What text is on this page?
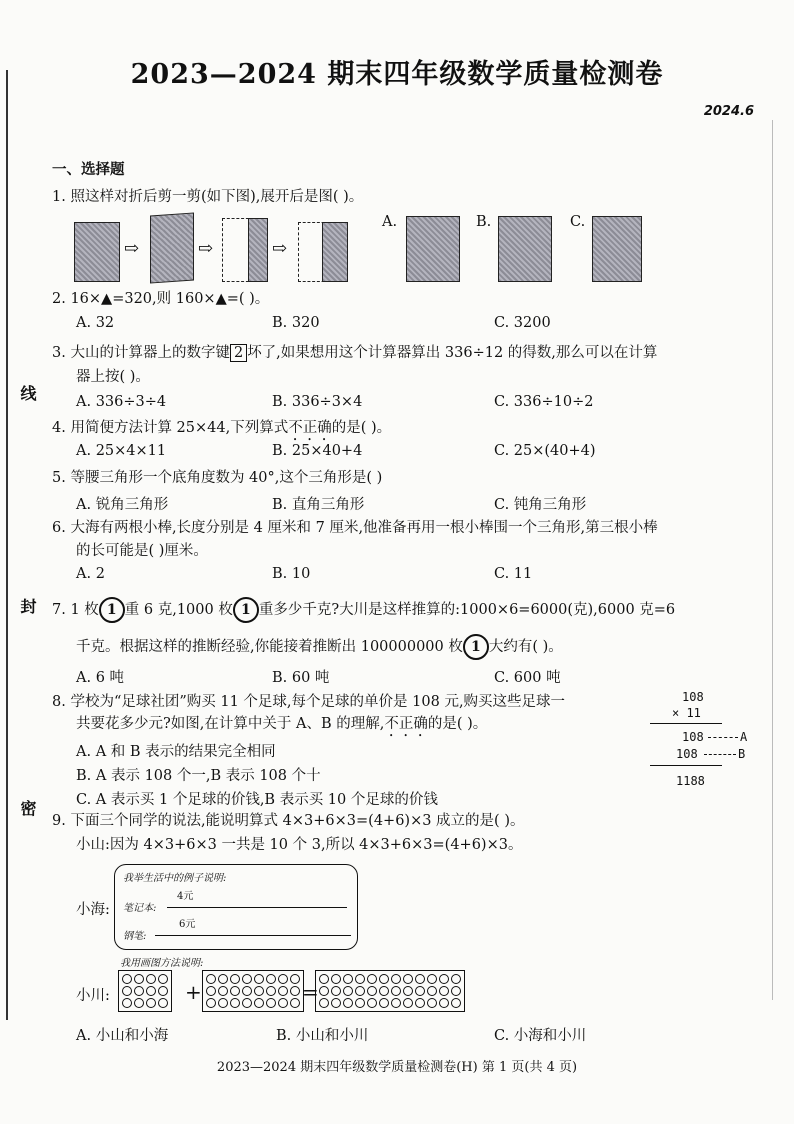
2023—2024 期末四年级数学质量检测卷
2024.6
线
封
密
一、选择题
1. 照这样对折后剪一剪(如下图),展开后是图( )。
⇨	⇨	⇨
A.	B.	C.
2. 16×▲=320,则 160×▲=( )。
A. 32	B. 320	C. 3200
3. 大山的计算器上的数字键 2 坏了,如果想用这个计算器算出 336÷12 的得数,那么可以在计算
器上按( )。
A. 336÷3÷4	B. 336÷3×4	C. 336÷10÷2
4. 用简便方法计算 25×44,下列算式不正确的是( )。
A. 25×4×11	B. 25×40+4	C. 25×(40+4)
5. 等腰三角形一个底角度数为 40°,这个三角形是( )
A. 锐角三角形	B. 直角三角形	C. 钝角三角形
6. 大海有两根小棒,长度分别是 4 厘米和 7 厘米,他准备再用一根小棒围一个三角形,第三根小棒
的长可能是( )厘米。
A. 2	B. 10	C. 11
7. 1 枚 1 重 6 克,1000 枚 1 重多少千克?大川是这样推算的:1000×6=6000(克),6000 克=6
千克。根据这样的推断经验,你能接着推断出 100000000 枚 1 大约有( )。
A. 6 吨	B. 60 吨	C. 600 吨
8. 学校为“足球社团”购买 11 个足球,每个足球的单价是 108 元,购买这些足球一
共要花多少元?如图,在计算中关于 A、B 的理解,不正确的是( )。
A. A 和 B 表示的结果完全相同
B. A 表示 108 个一,B 表示 108 个十
C. A 表示买 1 个足球的价钱,B 表示买 10 个足球的价钱
108
× 11
108	A
108	B
1188
9. 下面三个同学的说法,能说明算式 4×3+6×3=(4+6)×3 成立的是( )。
小山:因为 4×3+6×3 一共是 10 个 3,所以 4×3+6×3=(4+6)×3。
小海:
我举生活中的例子说明:
4元
笔记本:
6元
钢笔:
小川:
我用画图方法说明:
+	=
A. 小山和小海	B. 小山和小川	C. 小海和小川
2023—2024 期末四年级数学质量检测卷(H) 第 1 页(共 4 页)
